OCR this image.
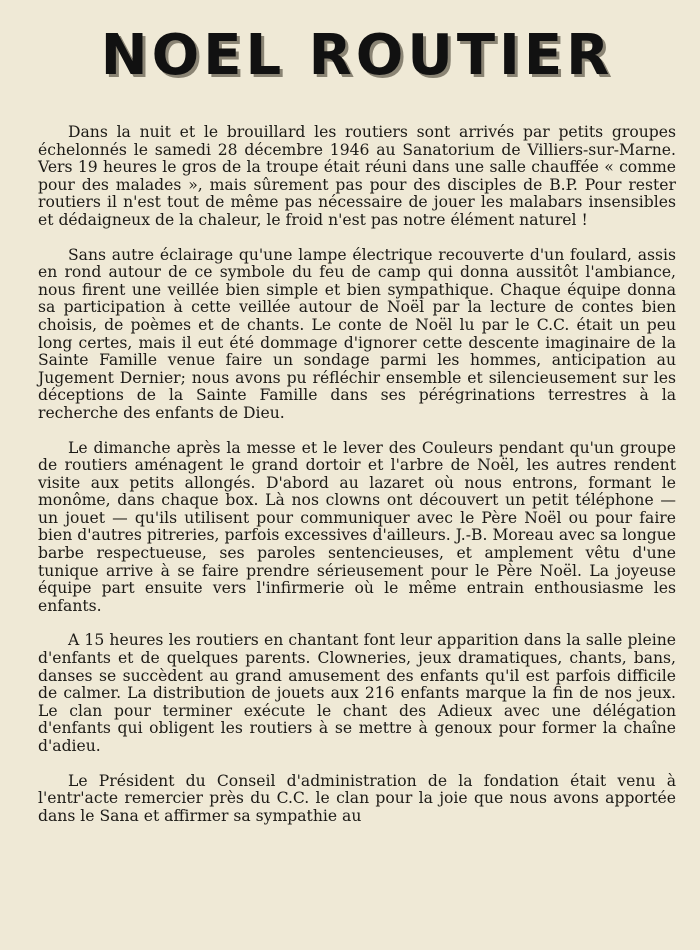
NOEL ROUTIER

Dans la nuit et le brouillard les routiers sont arrivés par petits groupes échelonnés le samedi 28 décembre 1946 au Sanatorium de Villiers-sur-Marne. Vers 19 heures le gros de la troupe était réuni dans une salle chauffée « comme pour des malades », mais sûrement pas pour des disciples de B.P. Pour rester routiers il n'est tout de même pas nécessaire de jouer les malabars insensibles et dédaigneux de la chaleur, le froid n'est pas notre élément naturel !

Sans autre éclairage qu'une lampe électrique recouverte d'un foulard, assis en rond autour de ce symbole du feu de camp qui donna aussitôt l'ambiance, nous firent une veillée bien simple et bien sympathique. Chaque équipe donna sa participation à cette veillée autour de Noël par la lecture de contes bien choisis, de poèmes et de chants. Le conte de Noël lu par le C.C. était un peu long certes, mais il eut été dommage d'ignorer cette descente imaginaire de la Sainte Famille venue faire un sondage parmi les hommes, anticipation au Jugement Dernier; nous avons pu réfléchir ensemble et silencieusement sur les déceptions de la Sainte Famille dans ses pérégrinations terrestres à la recherche des enfants de Dieu.

Le dimanche après la messe et le lever des Couleurs pendant qu'un groupe de routiers aménagent le grand dortoir et l'arbre de Noël, les autres rendent visite aux petits allongés. D'abord au lazaret où nous entrons, formant le monôme, dans chaque box. Là nos clowns ont découvert un petit téléphone — un jouet — qu'ils utilisent pour communiquer avec le Père Noël ou pour faire bien d'autres pitreries, parfois excessives d'ailleurs. J.-B. Moreau avec sa longue barbe respectueuse, ses paroles sentencieuses, et amplement vêtu d'une tunique arrive à se faire prendre sérieusement pour le Père Noël. La joyeuse équipe part ensuite vers l'infirmerie où le même entrain enthousiasme les enfants.

A 15 heures les routiers en chantant font leur apparition dans la salle pleine d'enfants et de quelques parents. Clowneries, jeux dramatiques, chants, bans, danses se succèdent au grand amusement des enfants qu'il est parfois difficile de calmer. La distribution de jouets aux 216 enfants marque la fin de nos jeux. Le clan pour terminer exécute le chant des Adieux avec une délégation d'enfants qui obligent les routiers à se mettre à genoux pour former la chaîne d'adieu.

Le Président du Conseil d'administration de la fondation était venu à l'entr'acte remercier près du C.C. le clan pour la joie que nous avons apportée dans le Sana et affirmer sa sympathie au
